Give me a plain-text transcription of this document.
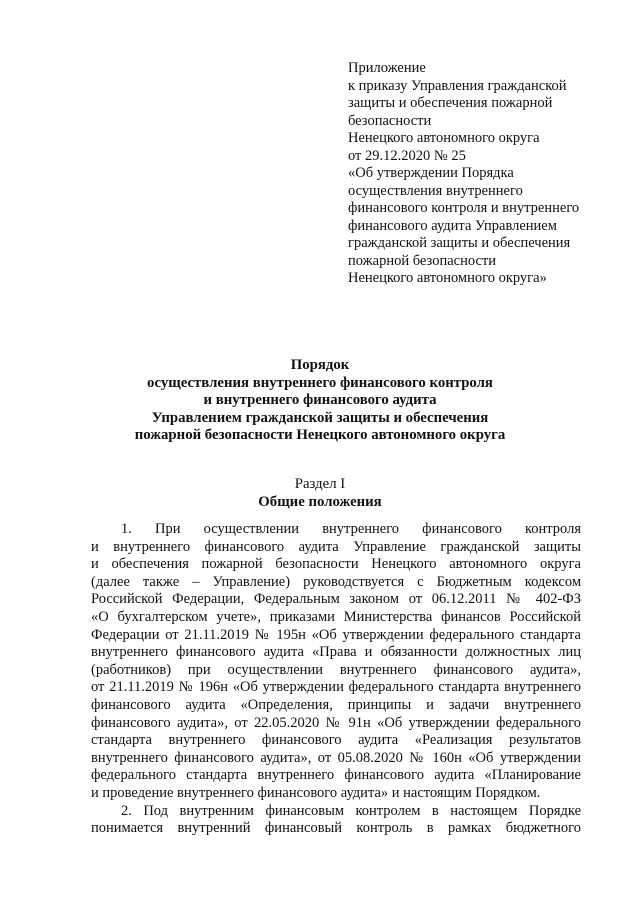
Приложение
к приказу Управления гражданской
защиты и обеспечения пожарной
безопасности
Ненецкого автономного округа
от 29.12.2020 № 25
«Об утверждении Порядка
осуществления внутреннего
финансового контроля и внутреннего
финансового аудита Управлением
гражданской защиты и обеспечения
пожарной безопасности
Ненецкого автономного округа»
Порядок
осуществления внутреннего финансового контроля
и внутреннего финансового аудита
Управлением гражданской защиты и обеспечения
пожарной безопасности Ненецкого автономного округа
Раздел I
Общие положения
1. При осуществлении внутреннего финансового контроля
и внутреннего финансового аудита Управление гражданской защиты
и обеспечения пожарной безопасности Ненецкого автономного округа
(далее также – Управление) руководствуется с Бюджетным кодексом
Российской Федерации, Федеральным законом от 06.12.2011 № 402-ФЗ
«О бухгалтерском учете», приказами Министерства финансов Российской
Федерации от 21.11.2019 № 195н «Об утверждении федерального стандарта
внутреннего финансового аудита «Права и обязанности должностных лиц
(работников) при осуществлении внутреннего финансового аудита»,
от 21.11.2019 № 196н «Об утверждении федерального стандарта внутреннего
финансового аудита «Определения, принципы и задачи внутреннего
финансового аудита», от 22.05.2020 № 91н «Об утверждении федерального
стандарта внутреннего финансового аудита «Реализация результатов
внутреннего финансового аудита», от 05.08.2020 № 160н «Об утверждении
федерального стандарта внутреннего финансового аудита «Планирование
и проведение внутреннего финансового аудита» и настоящим Порядком.
2. Под внутренним финансовым контролем в настоящем Порядке
понимается внутренний финансовый контроль в рамках бюджетного
